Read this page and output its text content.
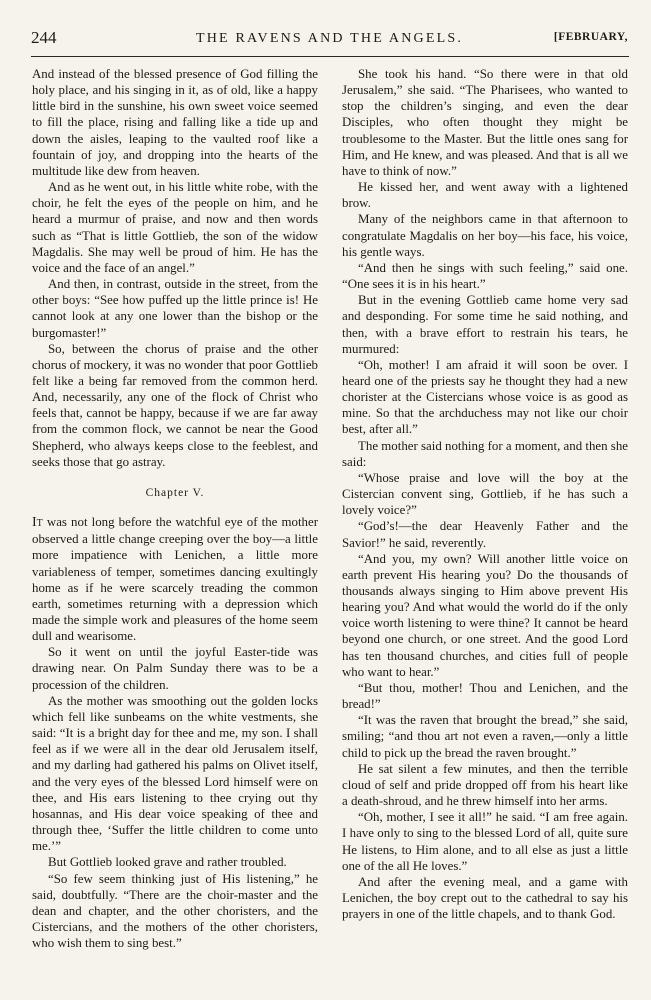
244	THE RAVENS AND THE ANGELS.	[FEBRUARY,

And instead of the blessed presence of God filling the holy place, and his singing in it, as of old, like a happy little bird in the sunshine, his own sweet voice seemed to fill the place, rising and falling like a tide up and down the aisles, leaping to the vaulted roof like a fountain of joy, and dropping into the hearts of the multitude like dew from heaven.

And as he went out, in his little white robe, with the choir, he felt the eyes of the people on him, and he heard a murmur of praise, and now and then words such as “That is little Gottlieb, the son of the widow Magdalis. She may well be proud of him. He has the voice and the face of an angel.”

And then, in contrast, outside in the street, from the other boys: “See how puffed up the little prince is! He cannot look at any one lower than the bishop or the burgomaster!”

So, between the chorus of praise and the other chorus of mockery, it was no wonder that poor Gottlieb felt like a being far removed from the common herd. And, necessarily, any one of the flock of Christ who feels that, cannot be happy, because if we are far away from the common flock, we cannot be near the Good Shepherd, who always keeps close to the feeblest, and seeks those that go astray.

Chapter V.

It was not long before the watchful eye of the mother observed a little change creeping over the boy—a little more impatience with Lenichen, a little more variableness of temper, sometimes dancing exultingly home as if he were scarcely treading the common earth, sometimes returning with a depression which made the simple work and pleasures of the home seem dull and wearisome.

So it went on until the joyful Easter-tide was drawing near. On Palm Sunday there was to be a procession of the children.

As the mother was smoothing out the golden locks which fell like sunbeams on the white vestments, she said: “It is a bright day for thee and me, my son. I shall feel as if we were all in the dear old Jerusalem itself, and my darling had gathered his palms on Olivet itself, and the very eyes of the blessed Lord himself were on thee, and His ears listening to thee crying out thy hosannas, and His dear voice speaking of thee and through thee, ‘Suffer the little children to come unto me.’”

But Gottlieb looked grave and rather troubled.

“So few seem thinking just of His listening,” he said, doubtfully. “There are the choir-master and the dean and chapter, and the other choristers, and the Cistercians, and the mothers of the other choristers, who wish them to sing best.”

She took his hand. “So there were in that old Jerusalem,” she said. “The Pharisees, who wanted to stop the children’s singing, and even the dear Disciples, who often thought they might be troublesome to the Master. But the little ones sang for Him, and He knew, and was pleased. And that is all we have to think of now.”

He kissed her, and went away with a lightened brow.

Many of the neighbors came in that afternoon to congratulate Magdalis on her boy—his face, his voice, his gentle ways.

“And then he sings with such feeling,” said one. “One sees it is in his heart.”

But in the evening Gottlieb came home very sad and desponding. For some time he said nothing, and then, with a brave effort to restrain his tears, he murmured:

“Oh, mother! I am afraid it will soon be over. I heard one of the priests say he thought they had a new chorister at the Cistercians whose voice is as good as mine. So that the archduchess may not like our choir best, after all.”

The mother said nothing for a moment, and then she said:

“Whose praise and love will the boy at the Cistercian convent sing, Gottlieb, if he has such a lovely voice?”

“God’s!—the dear Heavenly Father and the Savior!” he said, reverently.

“And you, my own? Will another little voice on earth prevent His hearing you? Do the thousands of thousands always singing to Him above prevent His hearing you? And what would the world do if the only voice worth listening to were thine? It cannot be heard beyond one church, or one street. And the good Lord has ten thousand churches, and cities full of people who want to hear.”

“But thou, mother! Thou and Lenichen, and the bread!”

“It was the raven that brought the bread,” she said, smiling; “and thou art not even a raven,—only a little child to pick up the bread the raven brought.”

He sat silent a few minutes, and then the terrible cloud of self and pride dropped off from his heart like a death-shroud, and he threw himself into her arms.

“Oh, mother, I see it all!” he said. “I am free again. I have only to sing to the blessed Lord of all, quite sure He listens, to Him alone, and to all else as just a little one of the all He loves.”

And after the evening meal, and a game with Lenichen, the boy crept out to the cathedral to say his prayers in one of the little chapels, and to thank God.
